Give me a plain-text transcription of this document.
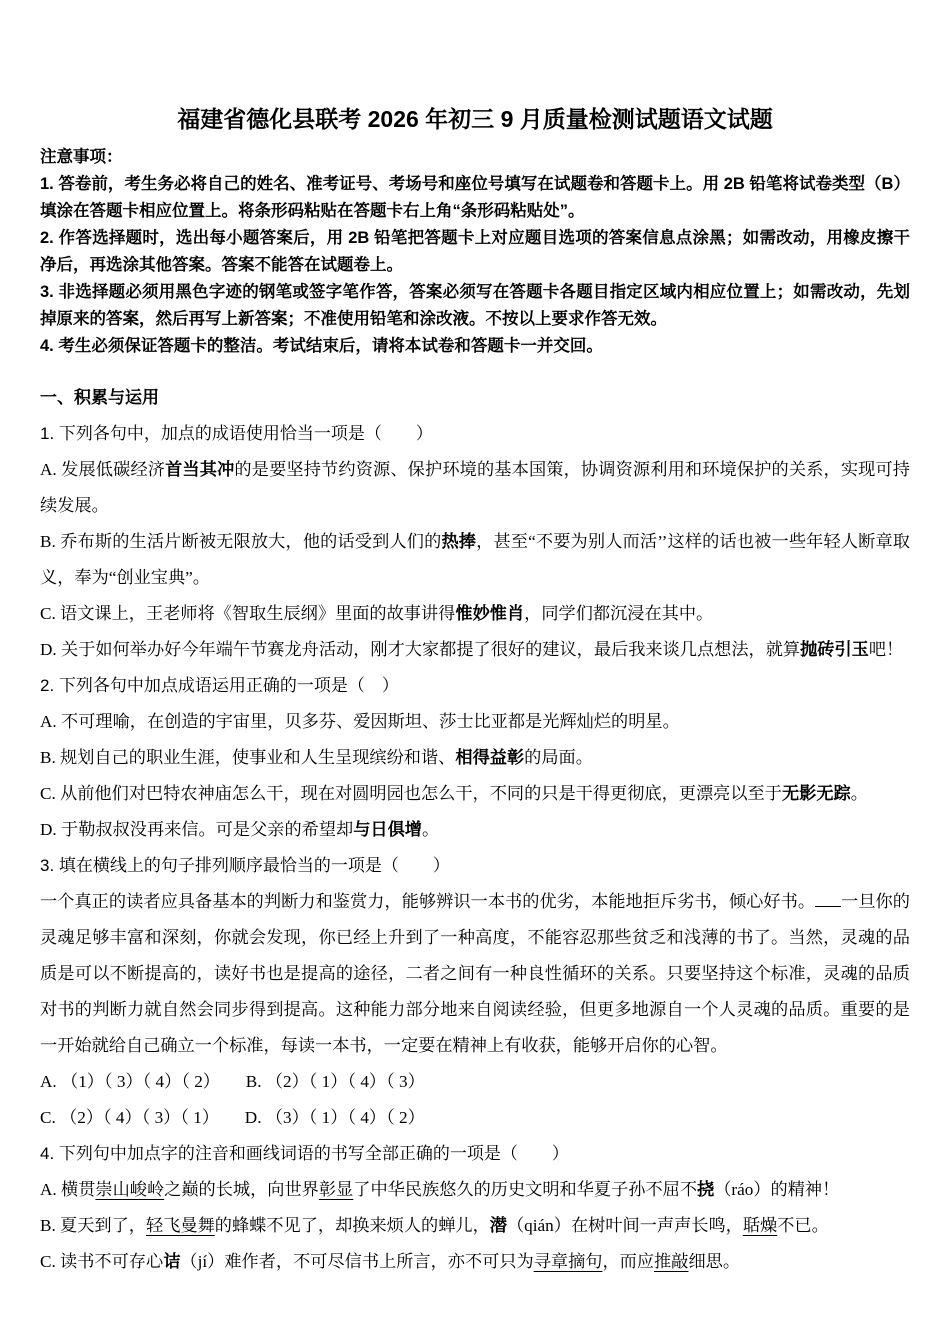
福建省德化县联考 2026 年初三 9 月质量检测试题语文试题
注意事项：

1. 答卷前，考生务必将自己的姓名、准考证号、考场号和座位号填写在试题卷和答题卡上。用 2B 铅笔将试卷类型（B）填涂在答题卡相应位置上。将条形码粘贴在答题卡右上角“条形码粘贴处”。

2. 作答选择题时，选出每小题答案后，用 2B 铅笔把答题卡上对应题目选项的答案信息点涂黑；如需改动，用橡皮擦干净后，再选涂其他答案。答案不能答在试题卷上。

3. 非选择题必须用黑色字迹的钢笔或签字笔作答，答案必须写在答题卡各题目指定区域内相应位置上；如需改动，先划掉原来的答案，然后再写上新答案；不准使用铅笔和涂改液。不按以上要求作答无效。

4. 考生必须保证答题卡的整洁。考试结束后，请将本试卷和答题卡一并交回。

一、积累与运用
1. 下列各句中，加点的成语使用恰当一项是（　　）
A. 发展低碳经济首当其冲的是要坚持节约资源、保护环境的基本国策，协调资源利用和环境保护的关系，实现可持续发展。
B. 乔布斯的生活片断被无限放大，他的话受到人们的热捧，甚至“不要为别人而活’’这样的话也被一些年轻人断章取义，奉为“创业宝典”。
C. 语文课上，王老师将《智取生辰纲》里面的故事讲得惟妙惟肖，同学们都沉浸在其中。
D. 关于如何举办好今年端午节赛龙舟活动，刚才大家都提了很好的建议，最后我来谈几点想法，就算抛砖引玉吧！
2. 下列各句中加点成语运用正确的一项是（　）
A. 不可理喻，在创造的宇宙里，贝多芬、爱因斯坦、莎士比亚都是光辉灿烂的明星。
B. 规划自己的职业生涯，使事业和人生呈现缤纷和谐、相得益彰的局面。
C. 从前他们对巴特农神庙怎么干，现在对圆明园也怎么干，不同的只是干得更彻底，更漂亮以至于无影无踪。
D. 于勒叔叔没再来信。可是父亲的希望却与日俱增。
3. 填在横线上的句子排列顺序最恰当的一项是（　　）
一个真正的读者应具备基本的判断力和鉴赏力，能够辨识一本书的优劣，本能地拒斥劣书，倾心好书。 一旦你的灵魂足够丰富和深刻，你就会发现，你已经上升到了一种高度，不能容忍那些贫乏和浅薄的书了。当然，灵魂的品质是可以不断提高的，读好书也是提高的途径，二者之间有一种良性循环的关系。只要坚持这个标准，灵魂的品质对书的判断力就自然会同步得到提高。这种能力部分地来自阅读经验，但更多地源自一个人灵魂的品质。重要的是一开始就给自己确立一个标准，每读一本书，一定要在精神上有收获，能够开启你的心智。
A. （1）（ 3）（ 4）（ 2）　　B. （2）（ 1）（ 4）（ 3）
C. （2）（ 4）（ 3）（ 1）　　D. （3）（ 1）（ 4）（ 2）
4. 下列句中加点字的注音和画线词语的书写全部正确的一项是（　　）
A. 横贯崇山峻岭之巅的长城，向世界彰显了中华民族悠久的历史文明和华夏子孙不屈不挠（ráo）的精神！
B. 夏天到了，轻飞曼舞的蜂蝶不见了，却换来烦人的蝉儿，潜（qián）在树叶间一声声长鸣，聒燥不已。
C. 读书不可存心诘（jí）难作者，不可尽信书上所言，亦不可只为寻章摘句，而应推敲细思。
